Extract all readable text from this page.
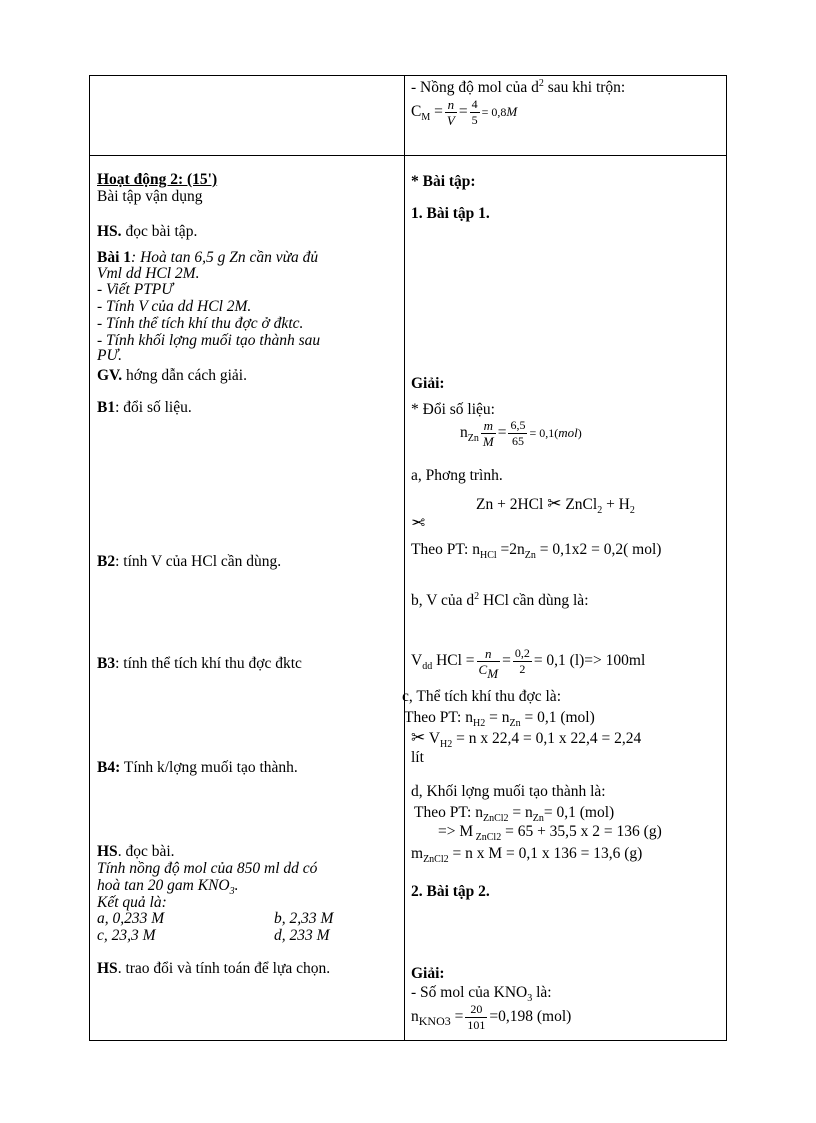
- Nồng độ mol của $d^2$ sau khi trộn:
$C_M = \frac{n}{V} = \frac{4}{5} = 0,8M$
Hoạt động 2: (15')
Bài tập vận dụng
HS. đọc bài tập.
Bài 1: Hoà tan 6,5 g Zn cần vừa đủ
Vml dd HCl 2M.
- Viết PTPƯ
- Tính V của dd HCl 2M.
- Tính thể tích khí thu đợc ở đktc.
- Tính khối lợng muối tạo thành sau
PƯ.
GV. hớng dẫn cách giải.
B1: đổi số liệu.
B2: tính V của HCl cần dùng.
B3: tính thể tích khí thu đợc đktc
B4: Tính k/lợng muối tạo thành.
HS. đọc bài.
Tính nồng độ mol của 850 ml dd có
hoà tan 20 gam $KNO_3$.
Kết quả là:
a, 0,233 M	b, 2,33 M
c, 23,3 M	d, 233 M
HS. trao đổi và tính toán để lựa chọn.
* Bài tập:
1. Bài tập 1.
Giải:
* Đổi số liệu:
$n_{Zn} \frac{m}{M} = \frac{6,5}{65} = 0,1(mol)$
a, Phơng trình.
Zn + 2HCl ✂ ZnCl$_2$ + $H_2$
✂
Theo PT: $n_{HCl} =2n_{Zn} = 0,1x2 = 0,2$( mol)
b, V của $d^2$ HCl cần dùng là:
$V_{dd}$ HCl = $\frac{n}{C_M} = \frac{0,2}{2} = 0,1$ (l)=> 100ml
c, Thể tích khí thu đợc là:
Theo PT: $n_{H2} = n_{Zn} = 0,1$ (mol)
✂ $V_{H2} = n$ x 22,4 = 0,1 x 22,4 = 2,24
lít
d, Khối lợng muối tạo thành là:
Theo PT: $n_{ZnCl2} = n_{Zn}= 0,1$ (mol)
=> M $_{ZnCl2}$ = 65 + 35,5 x 2 = 136 (g)
$m_{ZnCl2} = n$ x M = 0,1 x 136 = 13,6 (g)
2. Bài tập 2.
Giải:
- Số mol của $KNO_3$ là:
$n_{KNO3} = \frac{20}{101} =0,198$ (mol)
